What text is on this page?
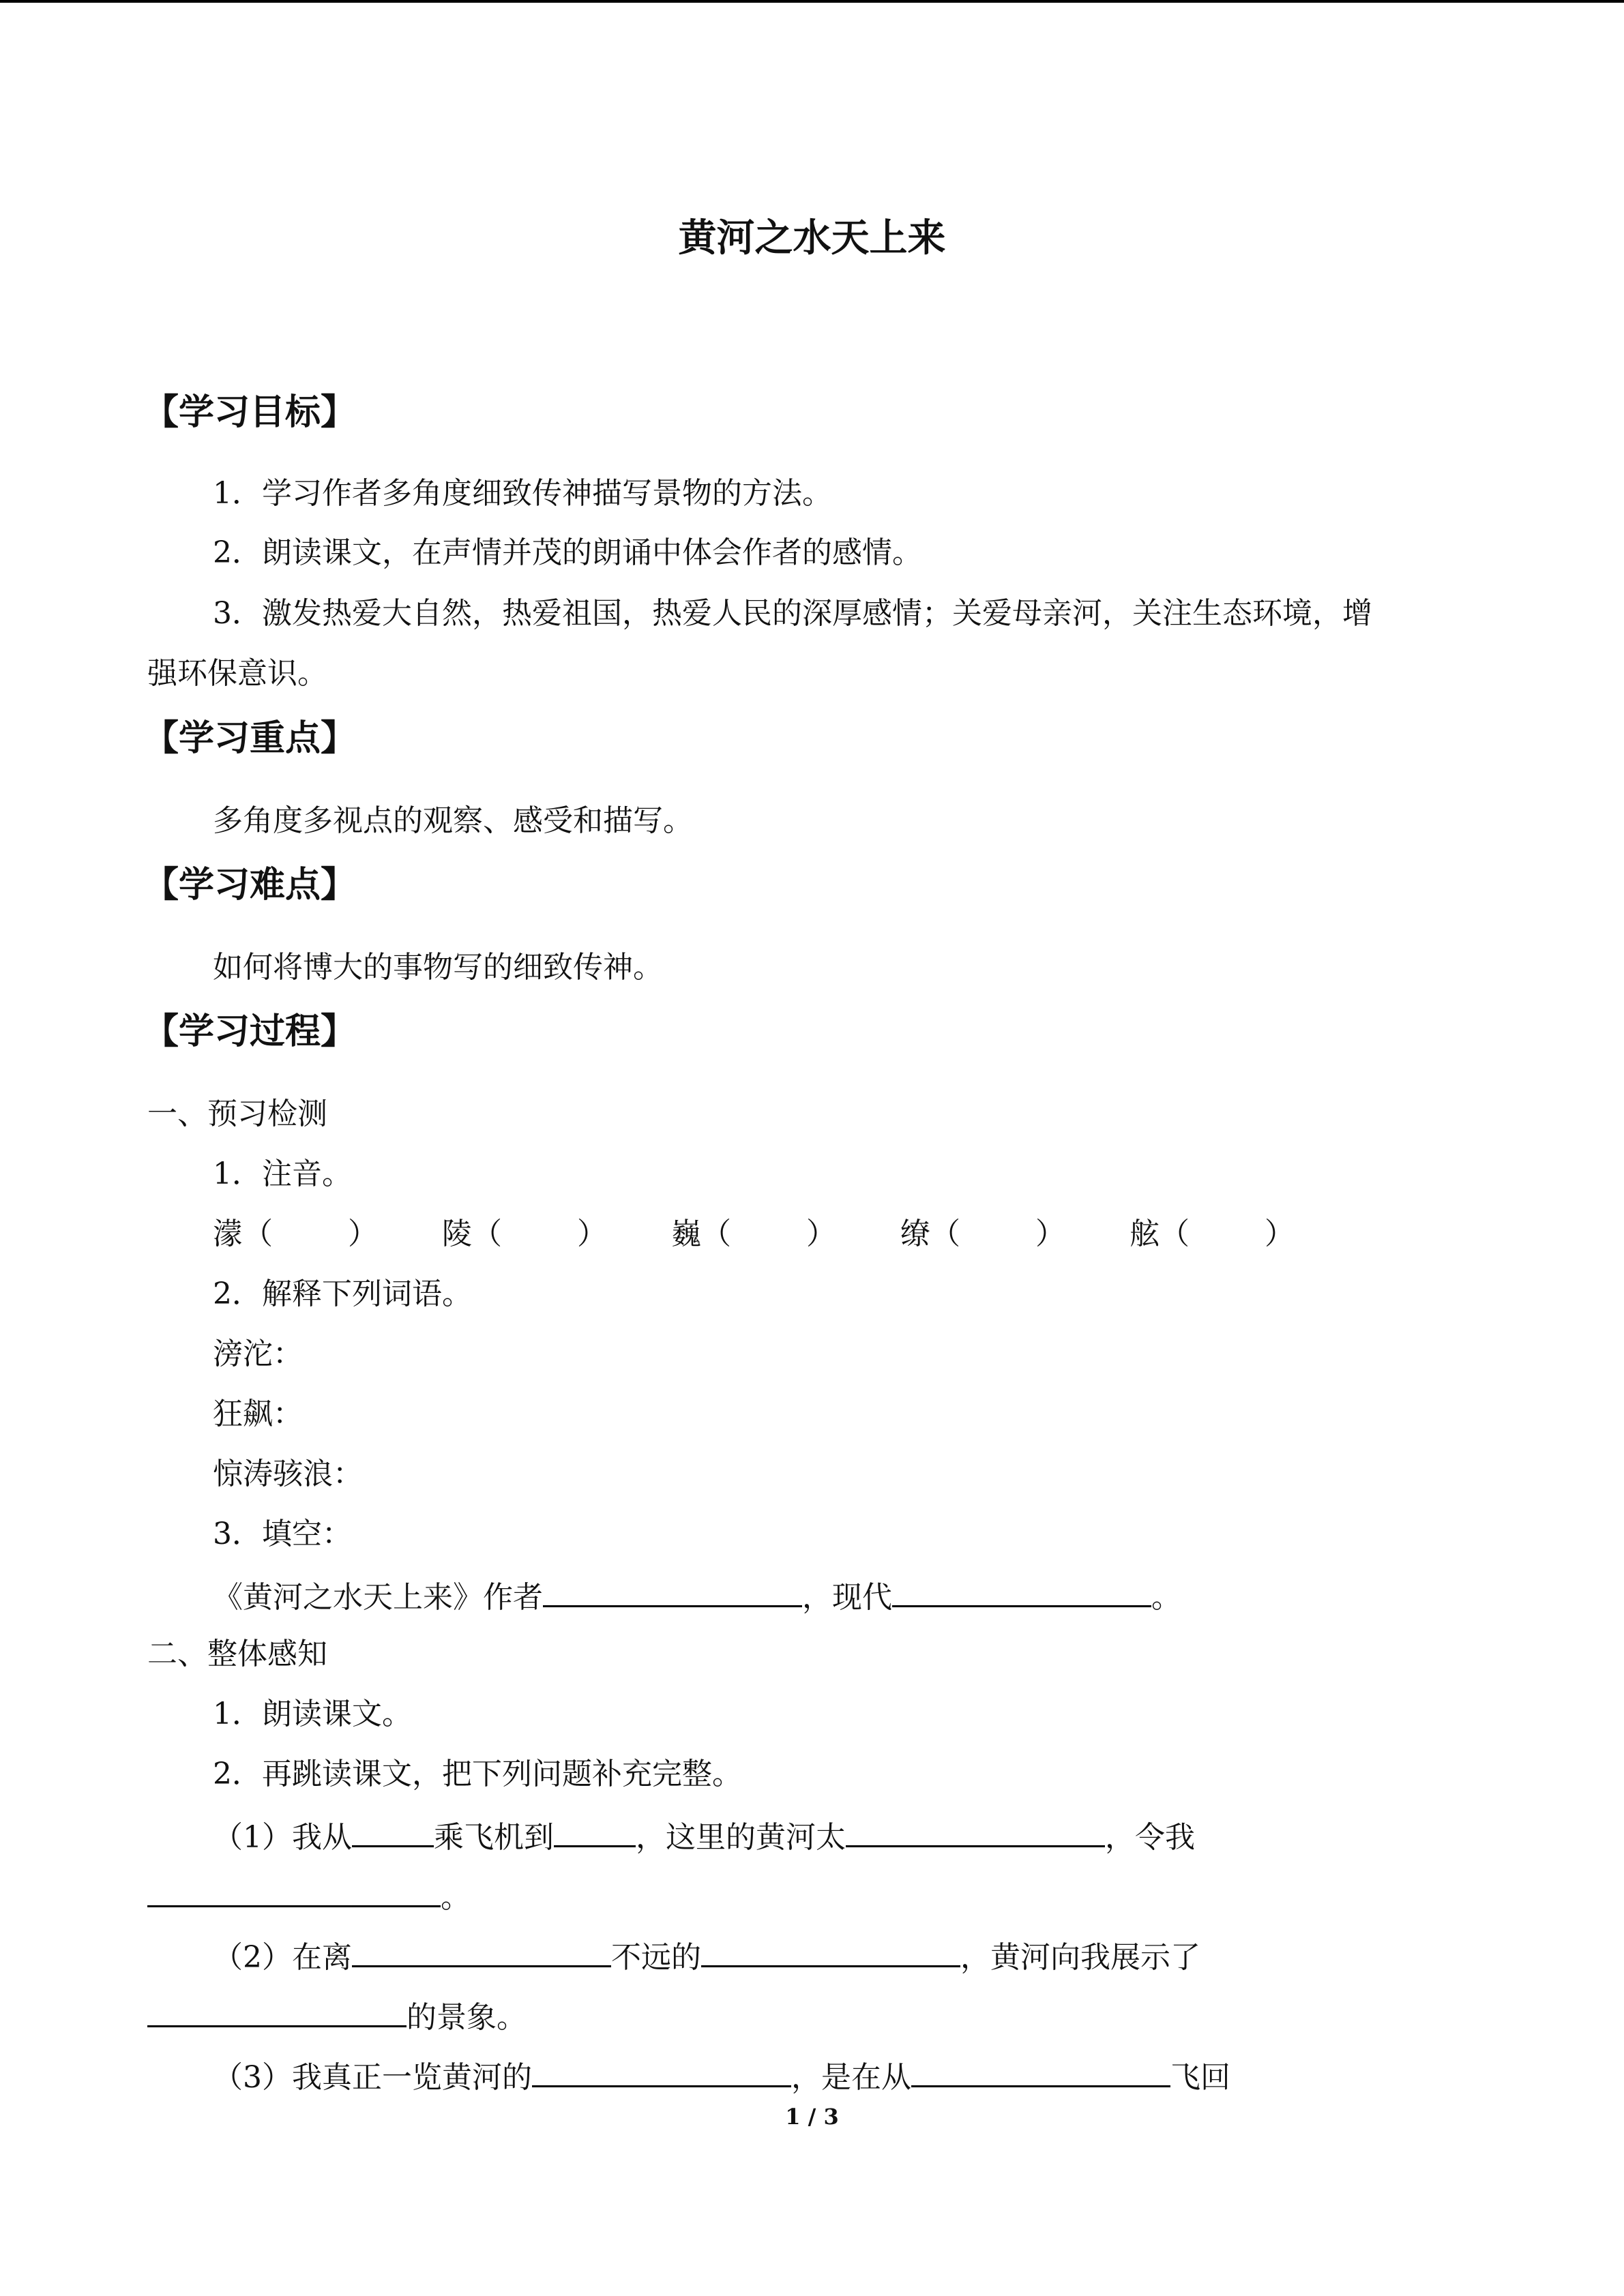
黄河之水天上来
【学习目标】
1．学习作者多角度细致传神描写景物的方法。
2．朗读课文，在声情并茂的朗诵中体会作者的感情。
3．激发热爱大自然，热爱祖国，热爱人民的深厚感情；关爱母亲河，关注生态环境，增
强环保意识。
【学习重点】
多角度多视点的观察、感受和描写。
【学习难点】
如何将博大的事物写的细致传神。
【学习过程】
一、预习检测
1．注音。
濛（	） 陵（	） 巍（	） 缭（	） 舷（	）
2．解释下列词语。
滂沱：
狂飙：
惊涛骇浪：
3．填空：
《黄河之水天上来》作者	，现代	。
二、整体感知
1．朗读课文。
2．再跳读课文，把下列问题补充完整。
（1）我从	乘飞机到	，这里的黄河太	，令我
。
（2）在离	不远的	，黄河向我展示了
的景象。
（3）我真正一览黄河的	，是在从	飞回
1 / 3
